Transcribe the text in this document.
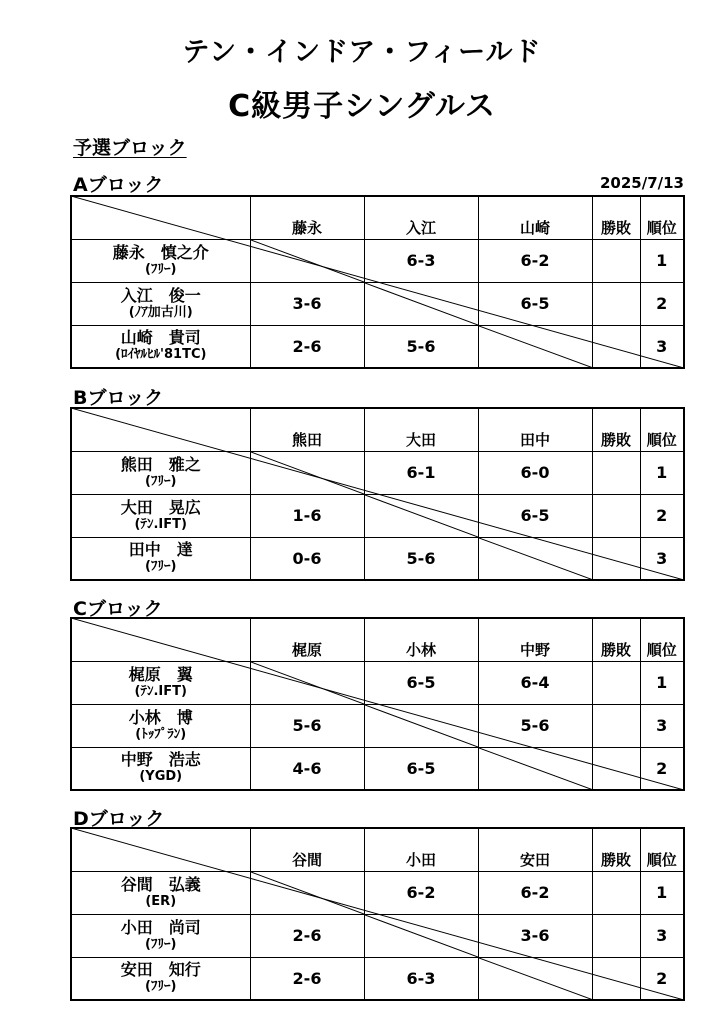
テン・インドア・フィールド
C級男子シングルス
予選ブロック
2025/7/13
Aブロック
	藤永	入江	山崎	勝敗	順位

藤永　慎之介
(ﾌﾘｰ)		6-3	6-2		1

入江　俊一
(ﾉｱ加古川)	3-6		6-5		2

山崎　貴司
(ﾛｲﾔﾙﾋﾙ'81TC)	2-6	5-6			3
Bブロック
	熊田	大田	田中	勝敗	順位

熊田　雅之
(ﾌﾘｰ)		6-1	6-0		1

大田　晃広
(ﾃﾝ.IFT)	1-6		6-5		2

田中　達
(ﾌﾘｰ)	0-6	5-6			3
Cブロック
	梶原	小林	中野	勝敗	順位

梶原　翼
(ﾃﾝ.IFT)		6-5	6-4		1

小林　博
(ﾄｯﾌﾟﾗﾝ)	5-6		5-6		3

中野　浩志
(YGD)	4-6	6-5			2
Dブロック
	谷間	小田	安田	勝敗	順位

谷間　弘義
(ER)		6-2	6-2		1

小田　尚司
(ﾌﾘｰ)	2-6		3-6		3

安田　知行
(ﾌﾘｰ)	2-6	6-3			2
